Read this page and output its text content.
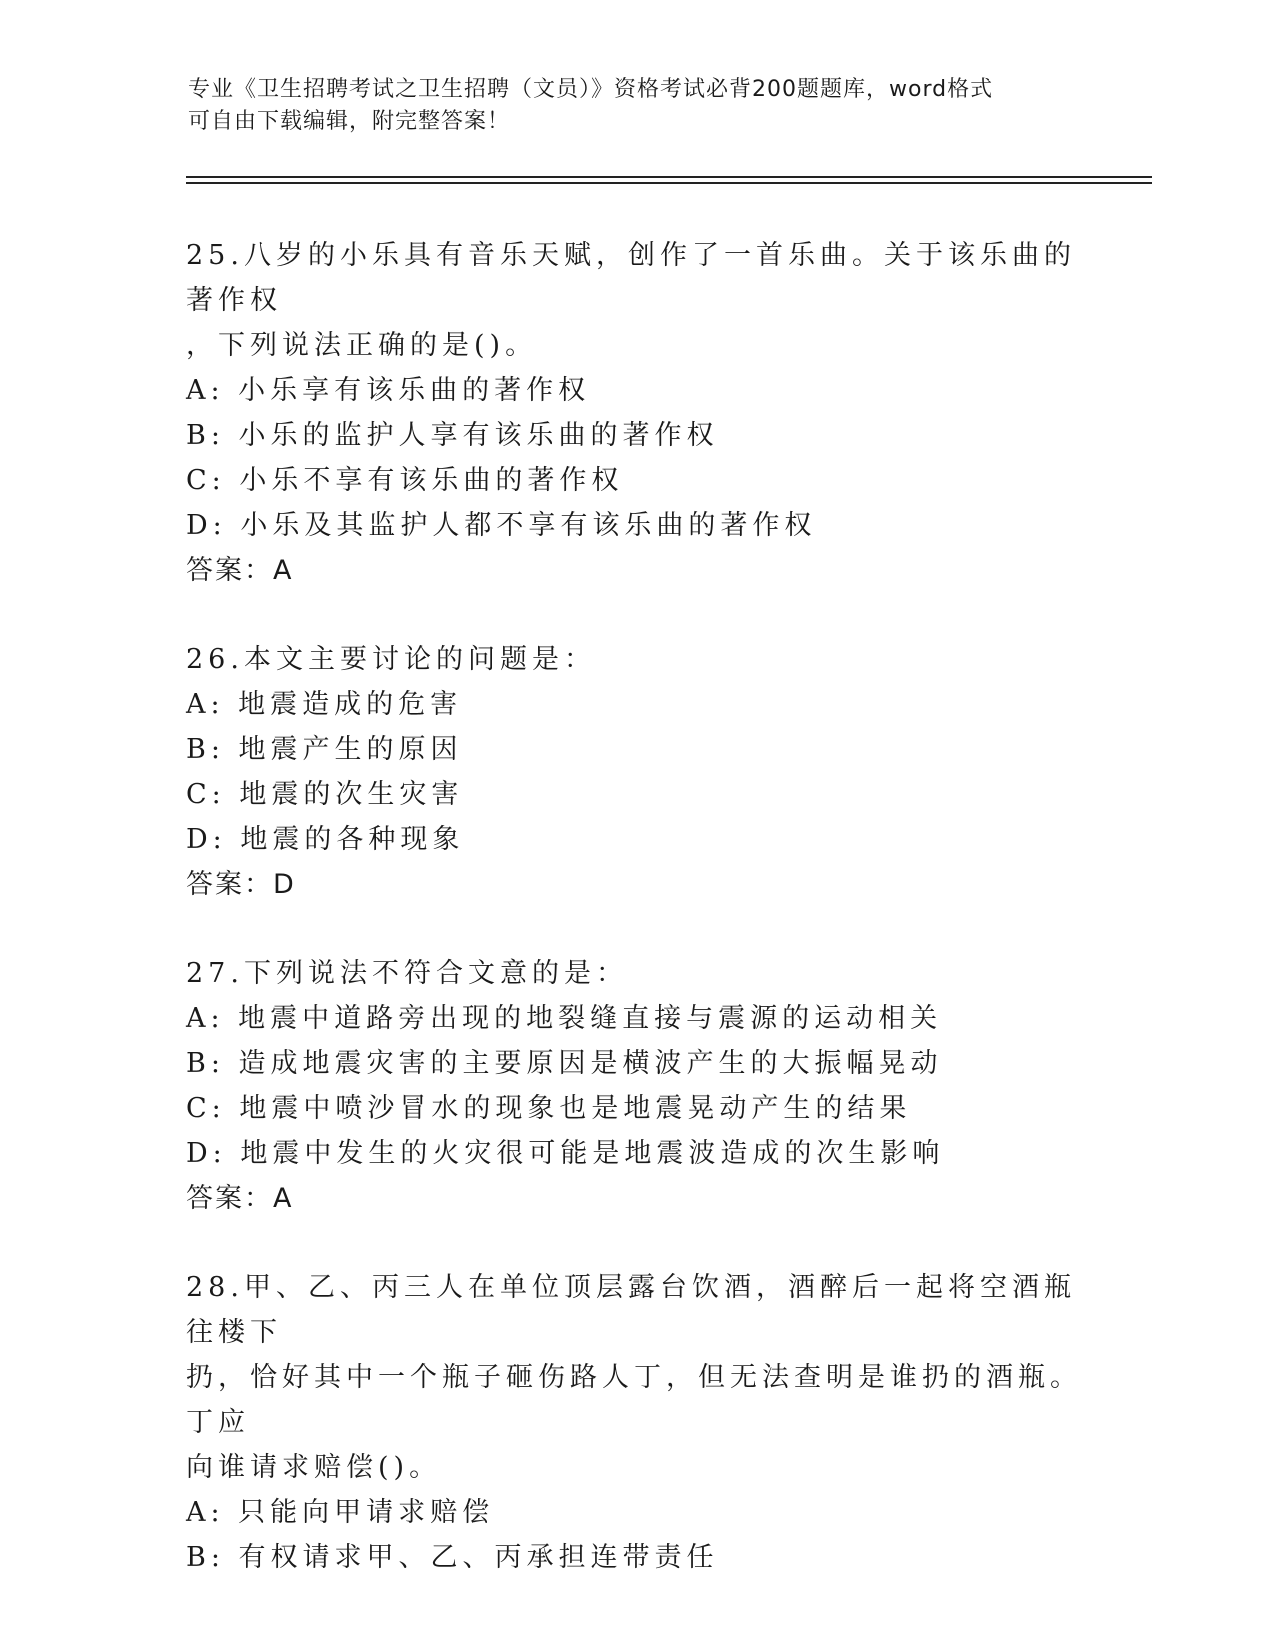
专业《卫生招聘考试之卫生招聘（文员）》资格考试必背200题题库，word格式
可自由下载编辑，附完整答案！

25.八岁的小乐具有音乐天赋，创作了一首乐曲。关于该乐曲的著作权

，下列说法正确的是()。

A: 小乐享有该乐曲的著作权

B: 小乐的监护人享有该乐曲的著作权

C: 小乐不享有该乐曲的著作权

D: 小乐及其监护人都不享有该乐曲的著作权

答案：A

26.本文主要讨论的问题是：

A: 地震造成的危害

B: 地震产生的原因

C: 地震的次生灾害

D: 地震的各种现象

答案：D

27.下列说法不符合文意的是：

A: 地震中道路旁出现的地裂缝直接与震源的运动相关

B: 造成地震灾害的主要原因是横波产生的大振幅晃动

C: 地震中喷沙冒水的现象也是地震晃动产生的结果

D: 地震中发生的火灾很可能是地震波造成的次生影响

答案：A

28.甲、乙、丙三人在单位顶层露台饮酒，酒醉后一起将空酒瓶往楼下

扔，恰好其中一个瓶子砸伤路人丁，但无法查明是谁扔的酒瓶。丁应

向谁请求赔偿()。

A: 只能向甲请求赔偿

B: 有权请求甲、乙、丙承担连带责任
